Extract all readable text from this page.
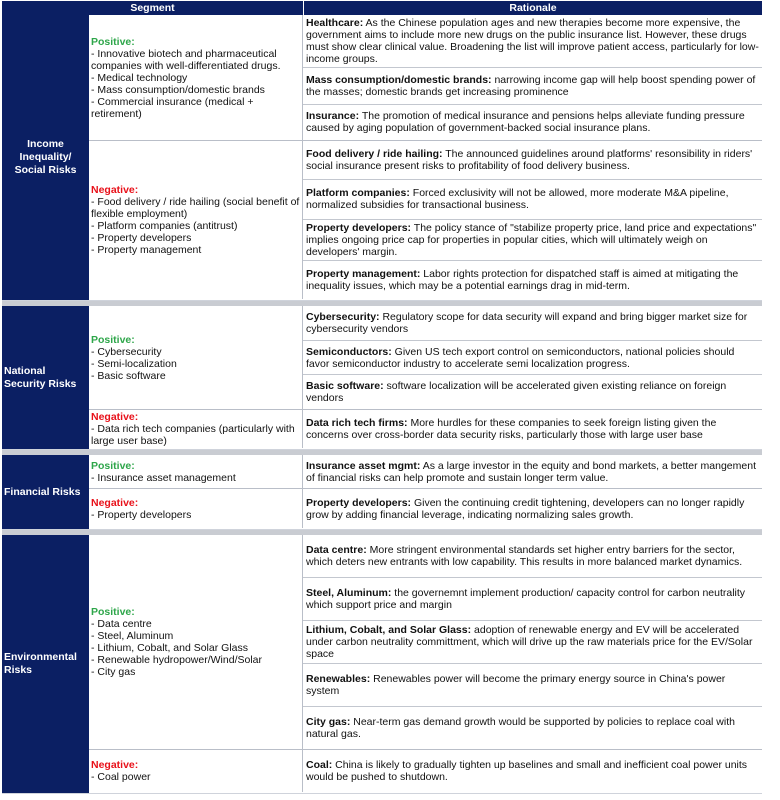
Segment	Rationale
Income Inequality/ Social Risks
Positive:
- Innovative biotech and pharmaceutical companies with well-differentiated drugs.
- Medical technology
- Mass consumption/domestic brands
- Commercial insurance (medical + retirement)
Healthcare: As the Chinese population ages and new therapies become more expensive, the government aims to include more new drugs on the public insurance list. However, these drugs must show clear clinical value. Broadening the list will improve patient access, particularly for low-income groups.
Mass consumption/domestic brands: narrowing income gap will help boost spending power of the masses; domestic brands get increasing prominence
Insurance: The promotion of medical insurance and pensions helps alleviate funding pressure caused by aging population of government-backed social insurance plans.
Negative:
- Food delivery / ride hailing (social benefit of flexible employment)
- Platform companies (antitrust)
- Property developers
- Property management
Food delivery / ride hailing: The announced guidelines around platforms' resonsibility in riders' social insurance present risks to profitability of food delivery business.
Platform companies: Forced exclusivity will not be allowed, more moderate M&A pipeline, normalized subsidies for transactional business.
Property developers: The policy stance of "stabilize property price, land price and expectations" implies ongoing price cap for properties in popular cities, which will ultimately weigh on developers' margin.
Property management: Labor rights protection for dispatched staff is aimed at mitigating the inequality issues, which may be a potential earnings drag in mid-term.
National Security Risks
Positive:
- Cybersecurity
- Semi-localization
- Basic software
Cybersecurity: Regulatory scope for data security will expand and bring bigger market size for cybersecurity vendors
Semiconductors: Given US tech export control on semiconductors, national policies should favor semiconductor industry to accelerate semi localization progress.
Basic software: software localization will be accelerated given existing reliance on foreign vendors
Negative:
- Data rich tech companies (particularly with large user base)
Data rich tech firms: More hurdles for these companies to seek foreign listing given the concerns over cross-border data security risks, particularly those with large user base
Financial Risks
Positive:
- Insurance asset management
Insurance asset mgmt: As a large investor in the equity and bond markets, a better mangement of financial risks can help promote and sustain longer term value.
Negative:
- Property developers
Property developers: Given the continuing credit tightening, developers can no longer rapidly grow by adding financial leverage, indicating normalizing sales growth.
Environmental Risks
Positive:
- Data centre
- Steel, Aluminum
- Lithium, Cobalt, and Solar Glass
- Renewable hydropower/Wind/Solar
- City gas
Data centre: More stringent environmental standards set higher entry barriers for the sector, which deters new entrants with low capability. This results in more balanced market dynamics.
Steel, Aluminum: the governemnt implement production/ capacity control for carbon neutrality which support price and margin
Lithium, Cobalt, and Solar Glass: adoption of renewable energy and EV will be accelerated under carbon neutrality committment, which will drive up the raw materials price for the EV/Solar space
Renewables: Renewables power will become the primary energy source in China's power system
City gas: Near-term gas demand growth would be supported by policies to replace coal with natural gas.
Negative:
- Coal power
Coal: China is likely to gradually tighten up baselines and small and inefficient coal power units would be pushed to shutdown.
